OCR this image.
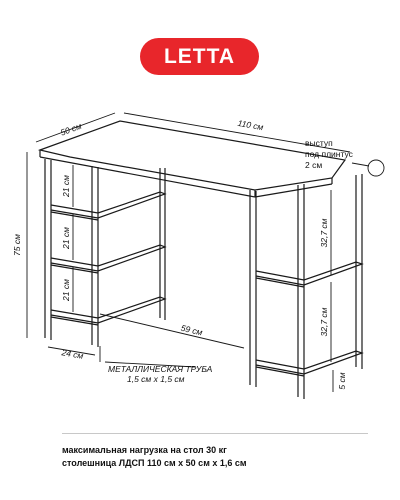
LETTA
50 см	110 см
75 см
21 см
21 см
21 см
32,7 см
32,7 см
5 см
24 см
59 см
выступ
под плинтус
2 см
МЕТАЛЛИЧЕСКАЯ ТРУБА
1,5 см х 1,5 см
максимальная нагрузка на стол 30 кг
столешница ЛДСП 110 см х 50 см х 1,6 см
